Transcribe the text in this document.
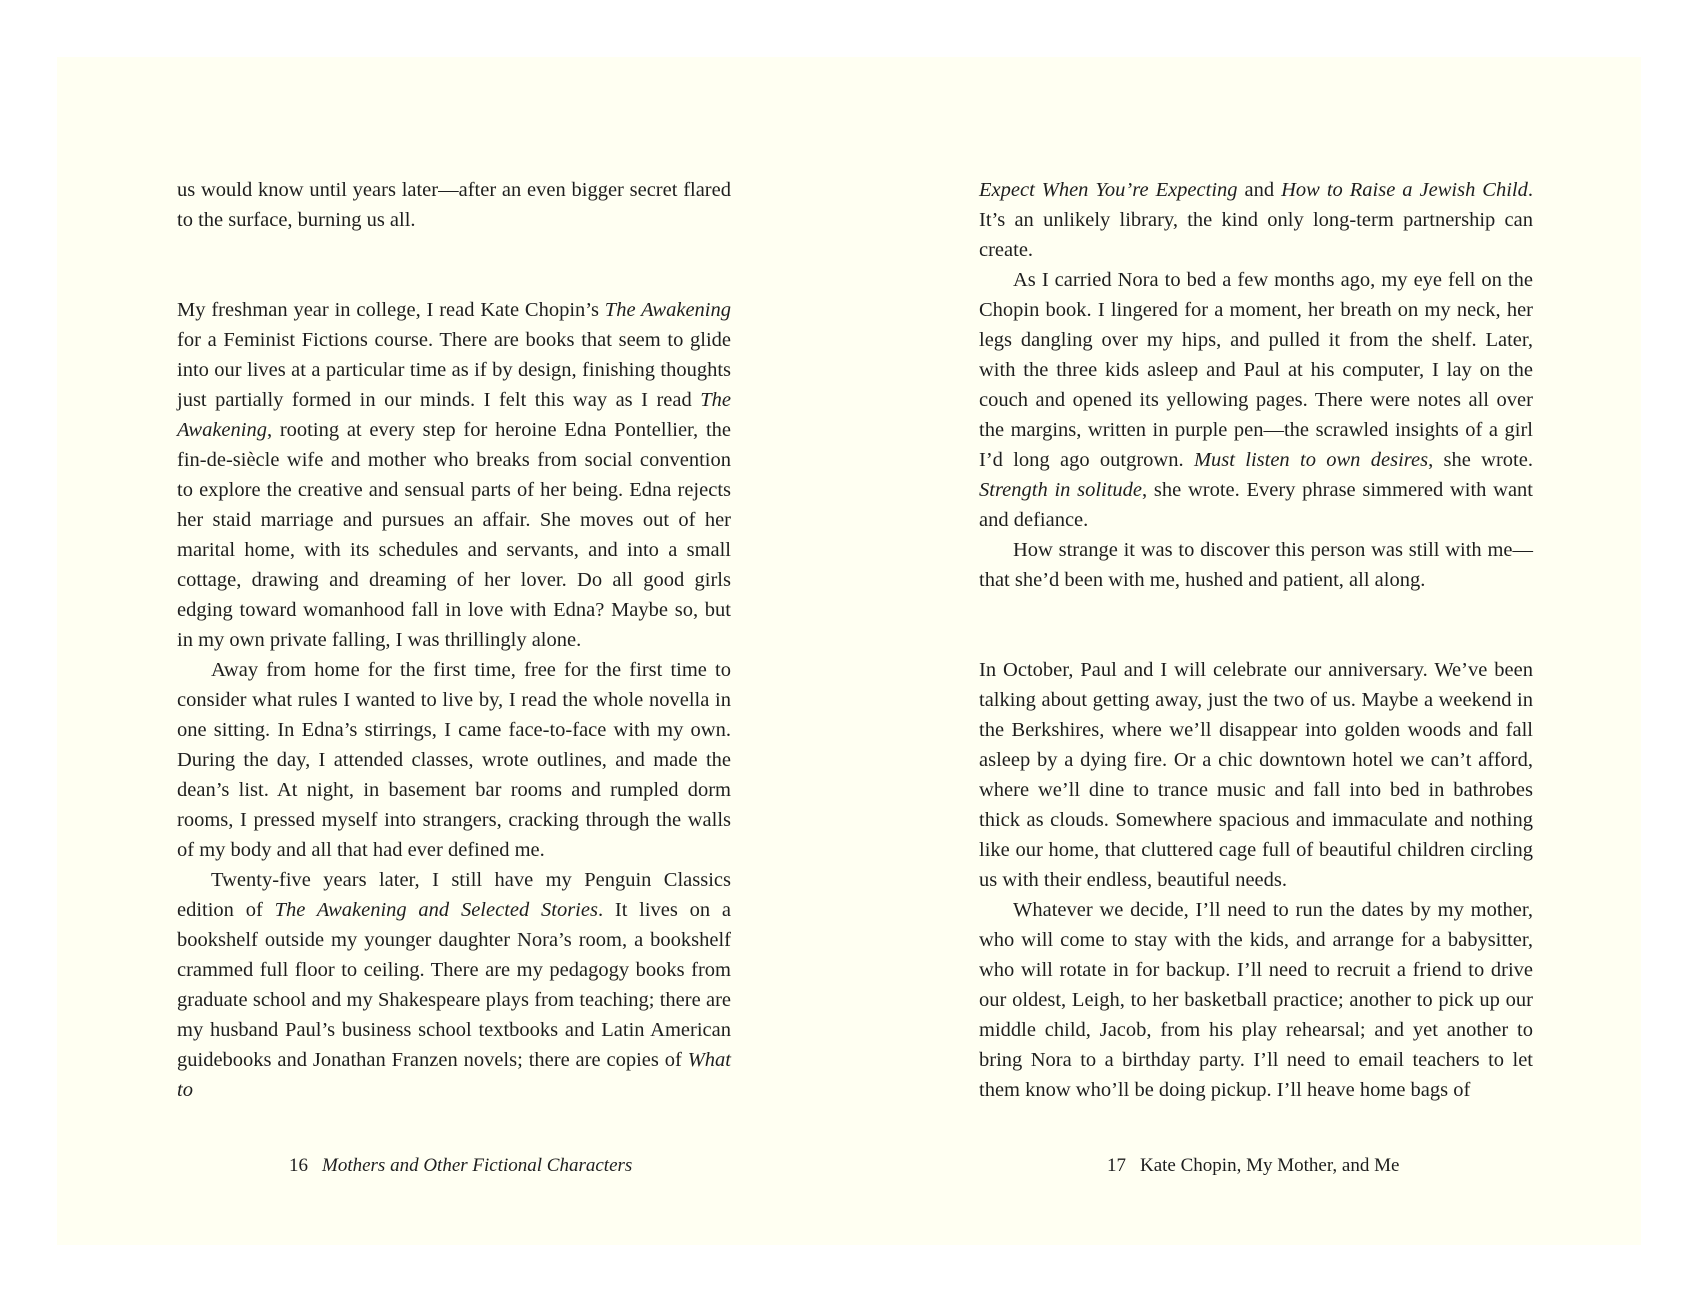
us would know until years later—after an even bigger secret flared to the surface, burning us all.

My freshman year in college, I read Kate Chopin’s The Awakening for a Feminist Fictions course. There are books that seem to glide into our lives at a particular time as if by design, finishing thoughts just partially formed in our minds. I felt this way as I read The Awakening, rooting at every step for heroine Edna Pontellier, the fin-de-siècle wife and mother who breaks from social convention to explore the creative and sensual parts of her being. Edna rejects her staid marriage and pursues an affair. She moves out of her marital home, with its schedules and servants, and into a small cottage, drawing and dreaming of her lover. Do all good girls edging toward womanhood fall in love with Edna? Maybe so, but in my own private falling, I was thrillingly alone.

Away from home for the first time, free for the first time to consider what rules I wanted to live by, I read the whole novella in one sitting. In Edna’s stirrings, I came face-to-face with my own. During the day, I attended classes, wrote outlines, and made the dean’s list. At night, in basement bar rooms and rumpled dorm rooms, I pressed myself into strangers, cracking through the walls of my body and all that had ever defined me.

Twenty-five years later, I still have my Penguin Classics edition of The Awakening and Selected Stories. It lives on a bookshelf outside my younger daughter Nora’s room, a bookshelf crammed full floor to ceiling. There are my pedagogy books from graduate school and my Shakespeare plays from teaching; there are my husband Paul’s business school textbooks and Latin American guidebooks and Jonathan Franzen novels; there are copies of What to

16 Mothers and Other Fictional Characters

Expect When You’re Expecting and How to Raise a Jewish Child. It’s an unlikely library, the kind only long-term partnership can create.

As I carried Nora to bed a few months ago, my eye fell on the Chopin book. I lingered for a moment, her breath on my neck, her legs dangling over my hips, and pulled it from the shelf. Later, with the three kids asleep and Paul at his computer, I lay on the couch and opened its yellowing pages. There were notes all over the margins, written in purple pen—the scrawled insights of a girl I’d long ago outgrown. Must listen to own desires, she wrote. Strength in solitude, she wrote. Every phrase simmered with want and defiance.

How strange it was to discover this person was still with me—that she’d been with me, hushed and patient, all along.

In October, Paul and I will celebrate our anniversary. We’ve been talking about getting away, just the two of us. Maybe a weekend in the Berkshires, where we’ll disappear into golden woods and fall asleep by a dying fire. Or a chic downtown hotel we can’t afford, where we’ll dine to trance music and fall into bed in bathrobes thick as clouds. Somewhere spacious and immaculate and nothing like our home, that cluttered cage full of beautiful children circling us with their endless, beautiful needs.

Whatever we decide, I’ll need to run the dates by my mother, who will come to stay with the kids, and arrange for a babysitter, who will rotate in for backup. I’ll need to recruit a friend to drive our oldest, Leigh, to her basketball practice; another to pick up our middle child, Jacob, from his play rehearsal; and yet another to bring Nora to a birthday party. I’ll need to email teachers to let them know who’ll be doing pickup. I’ll heave home bags of

17 Kate Chopin, My Mother, and Me
